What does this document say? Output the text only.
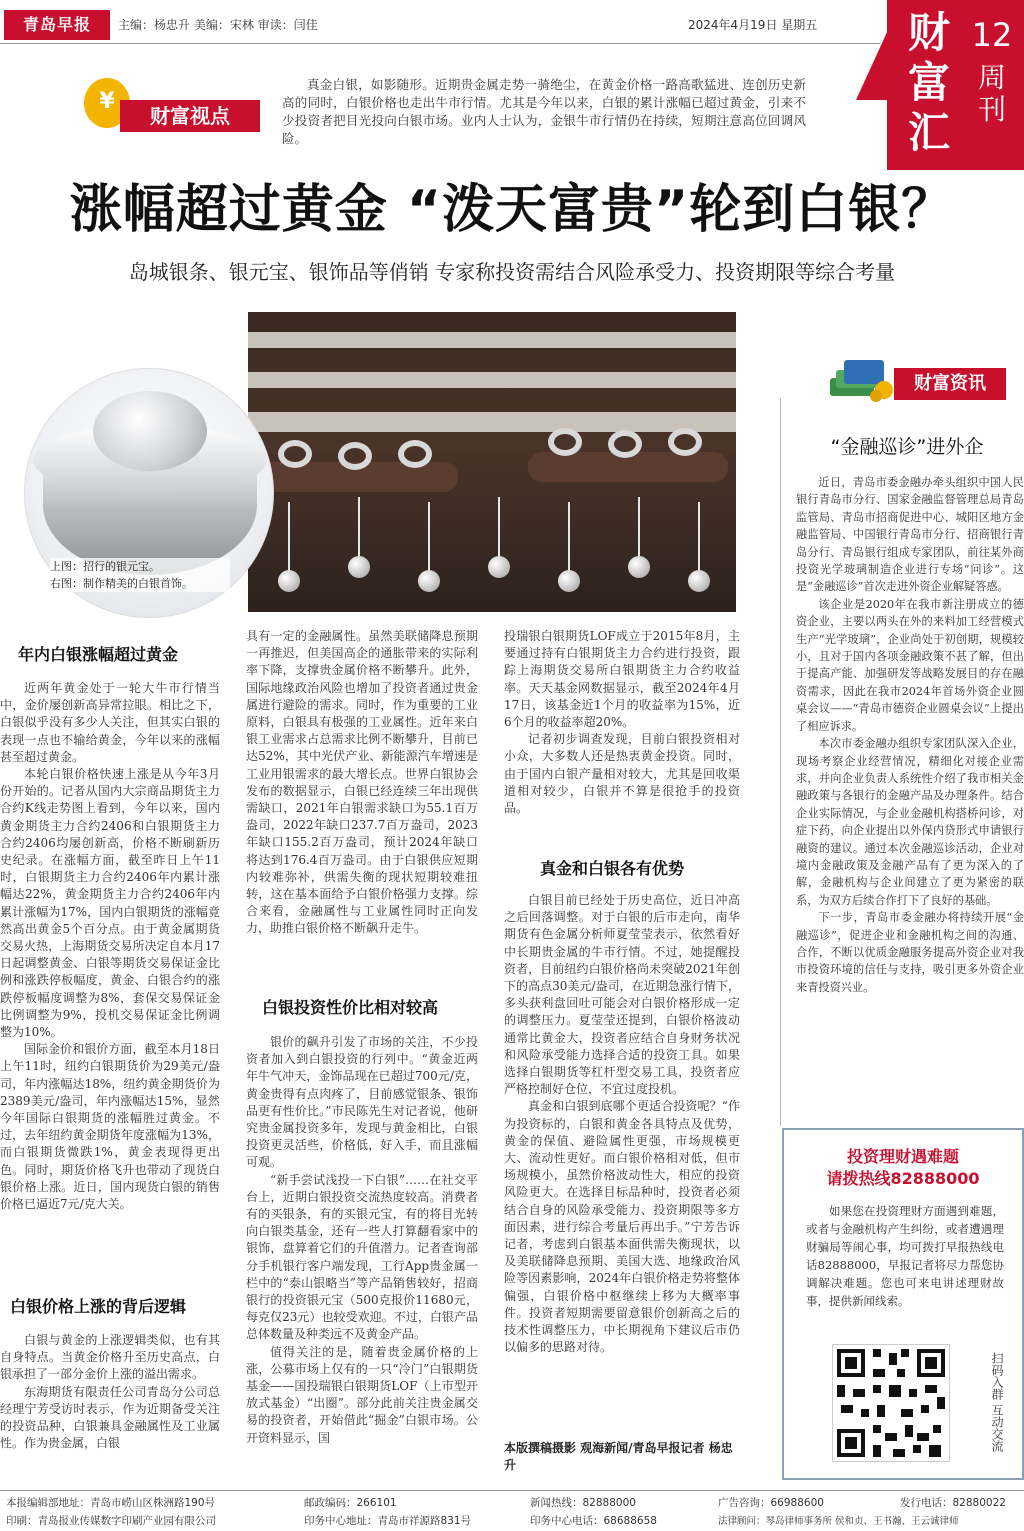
青岛早报	主编：杨忠升 美编：宋林 审读：闫佳	2024年4月19日 星期五 财富汇
12
周刊
¥
财富视点
真金白银，如影随形。近期贵金属走势一骑绝尘，在黄金价格一路高歌猛进、连创历史新高的同时，白银价格也走出牛市行情。尤其是今年以来，白银的累计涨幅已超过黄金，引来不少投资者把目光投向白银市场。业内人士认为，金银牛市行情仍在持续，短期注意高位回调风险。
涨幅超过黄金 “泼天富贵”轮到白银？
岛城银条、银元宝、银饰品等俏销 专家称投资需结合风险承受力、投资期限等综合考量
上图：招行的银元宝。
右图：制作精美的白银首饰。
年内白银涨幅超过黄金

近两年黄金处于一轮大牛市行情当中，金价屡创新高异常拉眼。相比之下，白银似乎没有多少人关注，但其实白银的表现一点也不输给黄金，今年以来的涨幅甚至超过黄金。

本轮白银价格快速上涨是从今年3月份开始的。记者从国内大宗商品期货主力合约K线走势图上看到，今年以来，国内黄金期货主力合约2406和白银期货主力合约2406均屡创新高，价格不断刷新历史纪录。在涨幅方面，截至昨日上午11时，白银期货主力合约2406年内累计涨幅达22%，黄金期货主力合约2406年内累计涨幅为17%，国内白银期货的涨幅竟然高出黄金5个百分点。由于黄金属期货交易火热，上海期货交易所决定自本月17日起调整黄金、白银等期货交易保证金比例和涨跌停板幅度，黄金、白银合约的涨跌停板幅度调整为8%，套保交易保证金比例调整为9%，投机交易保证金比例调整为10%。

国际金价和银价方面，截至本月18日上午11时，纽约白银期货价为29美元/盎司，年内涨幅达18%，纽约黄金期货价为2389美元/盎司，年内涨幅达15%，显然今年国际白银期货的涨幅胜过黄金。不过，去年纽约黄金期货年度涨幅为13%，而白银期货微跌1%，黄金表现得更出色。同时，期货价格飞升也带动了现货白银价格上涨。近日，国内现货白银的销售价格已逼近7元/克大关。

白银价格上涨的背后逻辑

白银与黄金的上涨逻辑类似，也有其自身特点。当黄金价格升至历史高点，白银承担了一部分金价上涨的溢出需求。

东海期货有限责任公司青岛分公司总经理宁芳受访时表示，作为近期备受关注的投资品种，白银兼具金融属性及工业属性。作为贵金属，白银

具有一定的金融属性。虽然美联储降息预期一再推迟，但美国高企的通胀带来的实际利率下降，支撑贵金属价格不断攀升。此外，国际地缘政治风险也增加了投资者通过贵金属进行避险的需求。同时，作为重要的工业原料，白银具有极强的工业属性。近年来白银工业需求占总需求比例不断攀升，目前已达52%，其中光伏产业、新能源汽车增速是工业用银需求的最大增长点。世界白银协会发布的数据显示，白银已经连续三年出现供需缺口，2021年白银需求缺口为55.1百万盎司，2022年缺口237.7百万盎司，2023年缺口155.2百万盎司，预计2024年缺口将达到176.4百万盎司。由于白银供应短期内较难弥补，供需失衡的现状短期较难扭转，这在基本面给予白银价格强力支撑。综合来看，金融属性与工业属性同时正向发力，助推白银价格不断飙升走牛。

白银投资性价比相对较高

银价的飙升引发了市场的关注，不少投资者加入到白银投资的行列中。“黄金近两年牛气冲天，金饰品现在已超过700元/克，黄金贵得有点肉疼了，目前感觉银条、银饰品更有性价比。”市民陈先生对记者说，他研究贵金属投资多年，发现与黄金相比，白银投资更灵活些，价格低，好入手，而且涨幅可观。

“新手尝试浅投一下白银”……在社交平台上，近期白银投资交流热度较高。消费者有的买银条，有的买银元宝，有的将目光转向白银类基金，还有一些人打算翻看家中的银饰，盘算着它们的升值潜力。记者查询部分手机银行客户端发现，工行App贵金属一栏中的“泰山银略当”等产品销售较好，招商银行的投资银元宝（500克报价11680元，每克仅23元）也较受欢迎。不过，白银产品总体数量及种类远不及黄金产品。

值得关注的是，随着贵金属价格的上涨，公募市场上仅有的一只“冷门”白银期货基金——国投瑞银白银期货LOF（上市型开放式基金）“出圈”。部分此前关注贵金属交易的投资者，开始借此“掘金”白银市场。公开资料显示，国

投瑞银白银期货LOF成立于2015年8月，主要通过持有白银期货主力合约进行投资，跟踪上海期货交易所白银期货主力合约收益率。天天基金网数据显示，截至2024年4月17日，该基金近1个月的收益率为15%，近6个月的收益率超20%。

记者初步调查发现，目前白银投资相对小众，大多数人还是热衷黄金投资。同时，由于国内白银产量相对较大，尤其是回收渠道相对较少，白银并不算是很抢手的投资品。

真金和白银各有优势

白银目前已经处于历史高位，近日冲高之后回落调整。对于白银的后市走向，南华期货有色金属分析师夏莹莹表示，依然看好中长期贵金属的牛市行情。不过，她提醒投资者，目前纽约白银价格尚未突破2021年创下的高点30美元/盎司，在近期急涨行情下，多头获利盘回吐可能会对白银价格形成一定的调整压力。夏莹莹还提到，白银价格波动通常比黄金大，投资者应结合自身财务状况和风险承受能力选择合适的投资工具。如果选择白银期货等杠杆型交易工具，投资者应严格控制好仓位，不宜过度投机。

真金和白银到底哪个更适合投资呢？“作为投资标的，白银和黄金各具特点及优势，黄金的保值、避险属性更强，市场规模更大、流动性更好。而白银价格相对低，但市场规模小，虽然价格波动性大，相应的投资风险更大。在选择目标品种时，投资者必须结合自身的风险承受能力、投资期限等多方面因素，进行综合考量后再出手。”宁芳告诉记者，考虑到白银基本面供需失衡现状，以及美联储降息预期、美国大选、地缘政治风险等因素影响，2024年白银价格走势将整体偏强，白银价格中枢继续上移为大概率事件。投资者短期需要留意银价创新高之后的技术性调整压力，中长期视角下建议后市仍以偏多的思路对待。

本版撰稿摄影 观海新闻/青岛早报记者 杨忠升
财富资讯
“金融巡诊”进外企

近日，青岛市委金融办牵头组织中国人民银行青岛市分行、国家金融监督管理总局青岛监管局、青岛市招商促进中心、城阳区地方金融监管局、中国银行青岛市分行、招商银行青岛分行、青岛银行组成专家团队，前往某外商投资光学玻璃制造企业进行专场“问诊”。这是“金融巡诊”首次走进外资企业解疑答惑。

该企业是2020年在我市新注册成立的德资企业，主要以两头在外的来料加工经营模式生产“光学玻璃”，企业尚处于初创期，规模较小，且对于国内各项金融政策不甚了解，但出于提高产能、加强研发等战略发展目的存在融资需求，因此在我市2024年首场外资企业圆桌会议——“青岛市德资企业圆桌会议”上提出了相应诉求。

本次市委金融办组织专家团队深入企业，现场考察企业经营情况，精细化对接企业需求，并向企业负责人系统性介绍了我市相关金融政策与各银行的金融产品及办理条件。结合企业实际情况，与企业金融机构搭桥问诊，对症下药，向企业提出以外保内贷形式申请银行融资的建议。通过本次金融巡诊活动，企业对境内金融政策及金融产品有了更为深入的了解，金融机构与企业间建立了更为紧密的联系，为双方后续合作打下了良好的基础。

下一步，青岛市委金融办将持续开展“金融巡诊”，促进企业和金融机构之间的沟通、合作，不断以优质金融服务提高外资企业对我市投资环境的信任与支持，吸引更多外资企业来青投资兴业。

投资理财遇难题
请拨热线82888000
如果您在投资理财方面遇到难题，或者与金融机构产生纠纷，或者遭遇理财骗局等闹心事，均可拨打早报热线电话82888000，早报记者将尽力帮您协调解决难题。您也可来电讲述理财故事，提供新闻线索。
扫码入群 互动交流
本报编辑部地址：青岛市崂山区株洲路190号
印刷：青岛报业传媒数字印刷产业园有限公司
邮政编码：266101
印务中心地址：青岛市祥源路831号
新闻热线：82888000
印务中心电话：68688658
广告咨询：66988600
法律顾问：琴岛律师事务所 侯和贞、王书瀚、王云诚律师
发行电话：82880022
